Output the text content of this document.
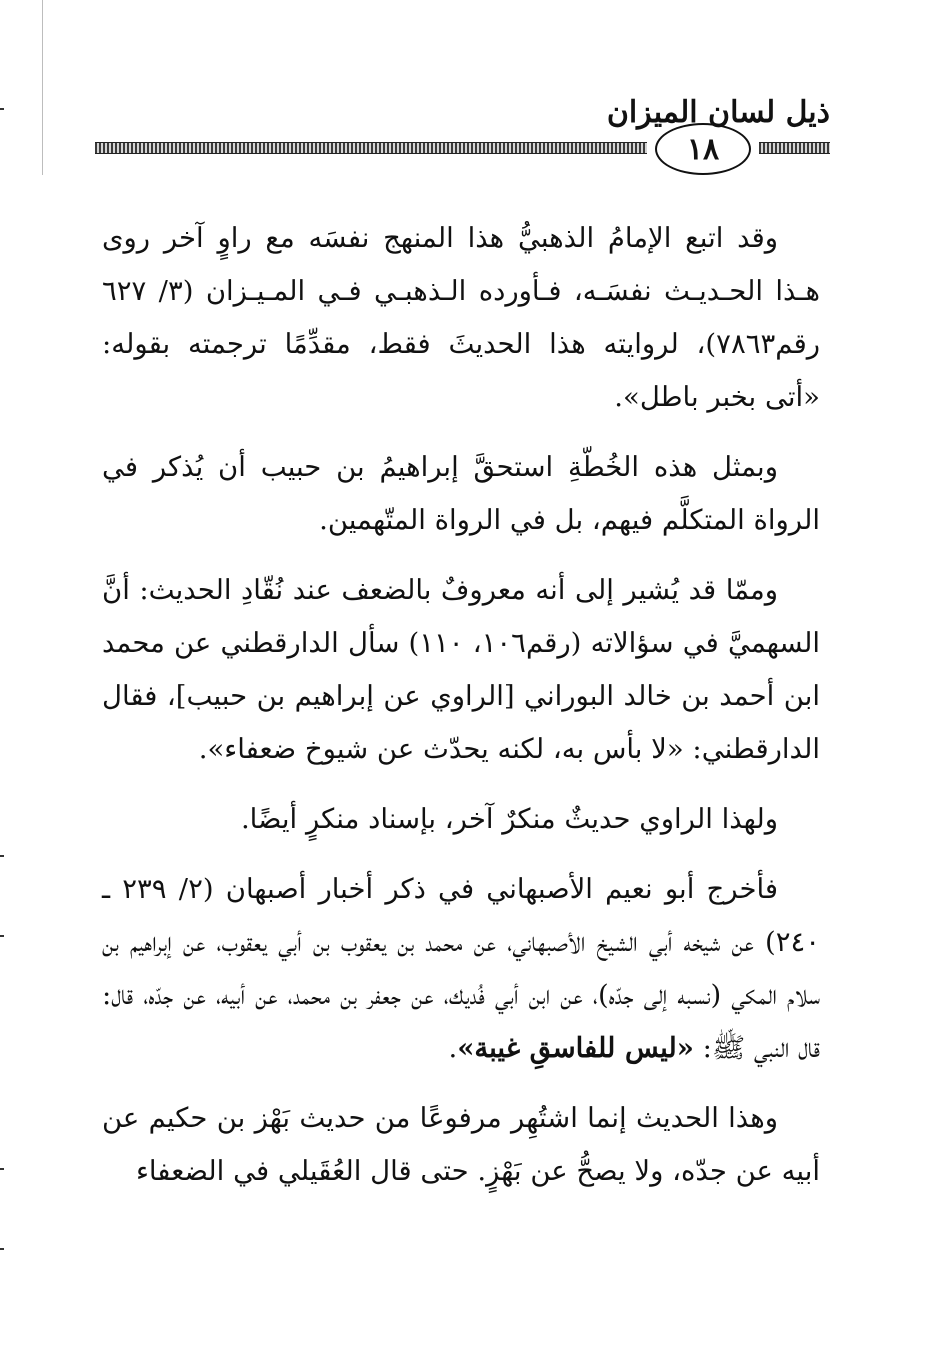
١٨
ذيل لسان الميزان

وقد اتبع الإمامُ الذهبيُّ هذا المنهج نفسَه مع راوٍ آخر روى هـذا الحـديـث نفسَـه، فـأورده الـذهبـي فـي المـيـزان (٣/ ٦٢٧ رقم٧٨٦٣)، لروايته هذا الحديثَ فقط، مقدِّمًا ترجمته بقوله: «أتى بخبر باطل».

وبمثل هذه الخُطّةِ استحقَّ إبراهيمُ بن حبيب أن يُذكر في الرواة المتكلَّم فيهم، بل في الرواة المتّهمين.

وممّا قد يُشير إلى أنه معروفٌ بالضعف عند نُقّادِ الحديث: أنَّ السهميَّ في سؤالاته (رقم١٠٦، ١١٠) سأل الدارقطني عن محمد ابن أحمد بن خالد البوراني [الراوي عن إبراهيم بن حبيب]، فقال الدارقطني: «لا بأس به، لكنه يحدّث عن شيوخ ضعفاء».

ولهذا الراوي حديثٌ منكرٌ آخر، بإسناد منكرٍ أيضًا.

فأخرج أبو نعيم الأصبهاني في ذكر أخبار أصبهان (٢/ ٢٣٩ ـ ٢٤٠) عن شيخه أبي الشيخ الأصبهاني، عن محمد بن يعقوب بن أبي يعقوب، عن إبراهيم بن سلام المكي (نسبه إلى جدّه)، عن ابن أبي فُديك، عن جعفر بن محمد، عن أبيه، عن جدّه، قال: قال النبي ﷺ: «ليس للفاسقِ غيبة».

وهذا الحديث إنما اشتُهِر مرفوعًا من حديث بَهْز بن حكيم عن أبيه عن جدّه، ولا يصحُّ عن بَهْزٍ. حتى قال العُقَيلي في الضعفاء
